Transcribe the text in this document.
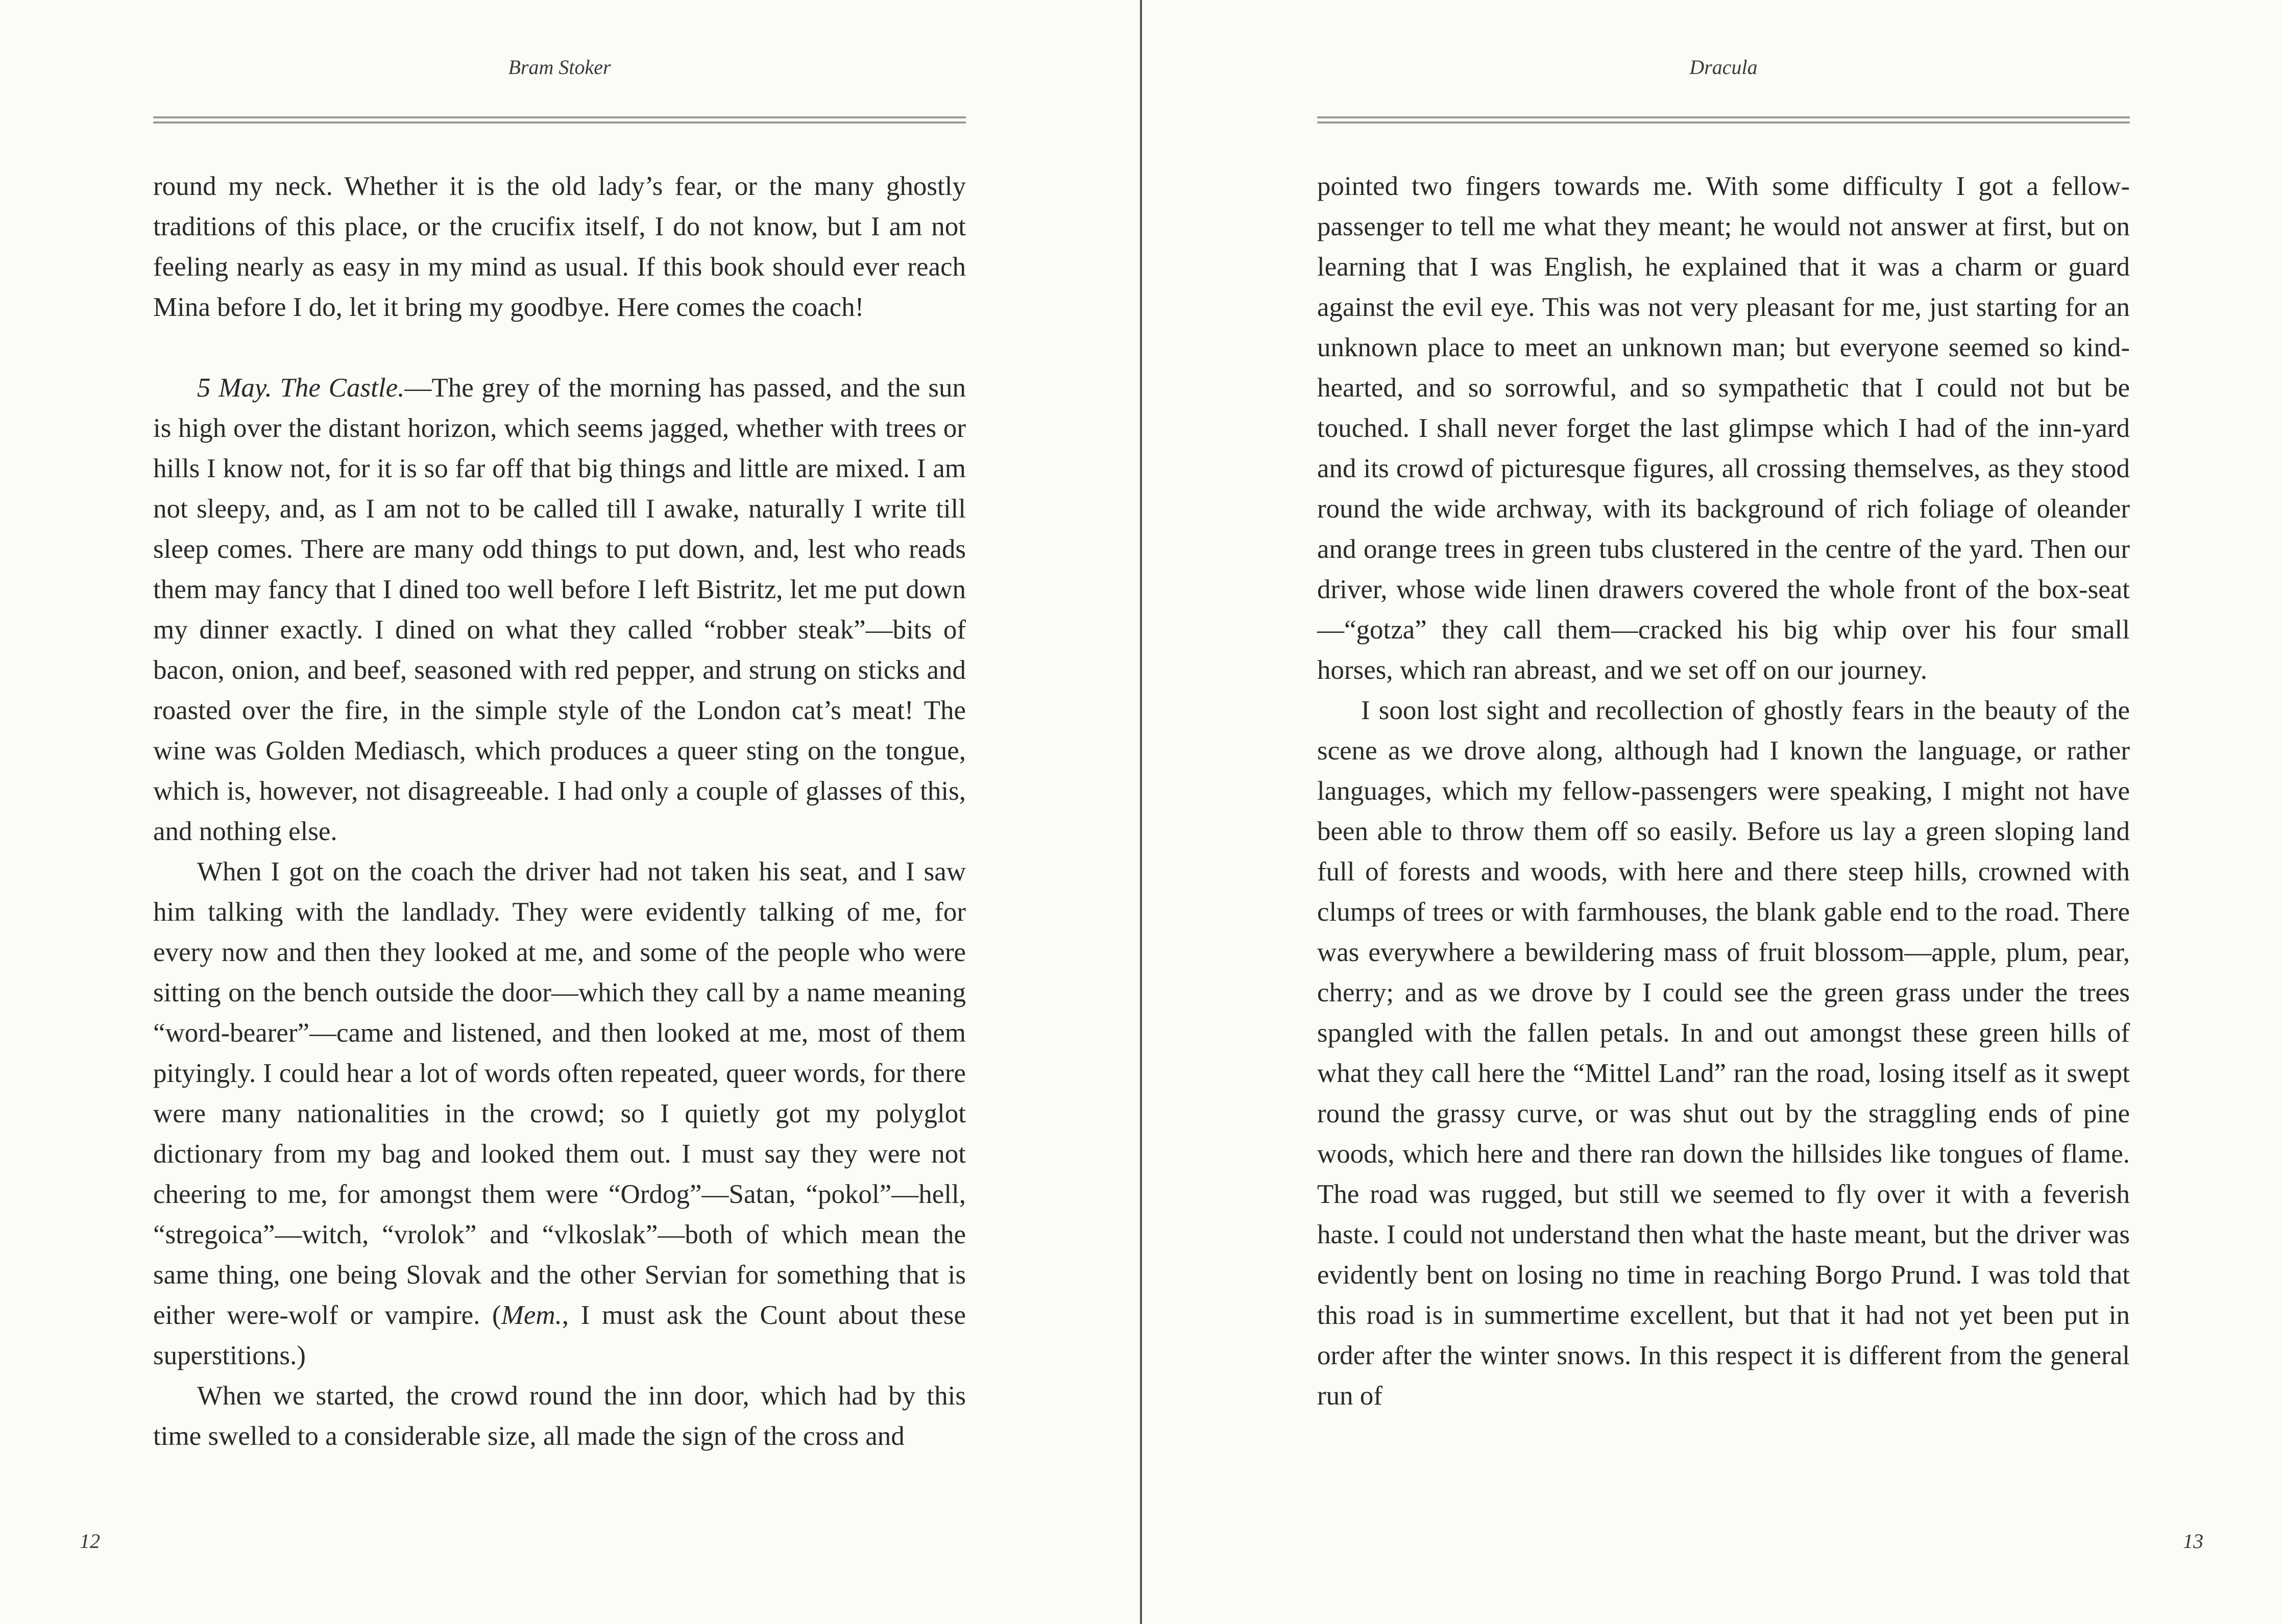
Bram Stoker

round my neck. Whether it is the old lady’s fear, or the many ghostly traditions of this place, or the crucifix itself, I do not know, but I am not feeling nearly as easy in my mind as usual. If this book should ever reach Mina before I do, let it bring my goodbye. Here comes the coach!

5 May. The Castle.—The grey of the morning has passed, and the sun is high over the distant horizon, which seems jagged, whether with trees or hills I know not, for it is so far off that big things and little are mixed. I am not sleepy, and, as I am not to be called till I awake, naturally I write till sleep comes. There are many odd things to put down, and, lest who reads them may fancy that I dined too well before I left Bistritz, let me put down my dinner exactly. I dined on what they called “robber steak”—bits of bacon, onion, and beef, seasoned with red pepper, and strung on sticks and roasted over the fire, in the simple style of the London cat’s meat! The wine was Golden Mediasch, which produces a queer sting on the tongue, which is, however, not disagreeable. I had only a couple of glasses of this, and nothing else.

When I got on the coach the driver had not taken his seat, and I saw him talking with the landlady. They were evidently talking of me, for every now and then they looked at me, and some of the people who were sitting on the bench outside the door—which they call by a name meaning “word-bearer”—came and listened, and then looked at me, most of them pityingly. I could hear a lot of words often repeated, queer words, for there were many nationalities in the crowd; so I quietly got my polyglot dictionary from my bag and looked them out. I must say they were not cheering to me, for amongst them were “Ordog”—Satan, “pokol”—hell, “stregoica”—witch, “vrolok” and “vlkoslak”—both of which mean the same thing, one being Slovak and the other Servian for something that is either were-wolf or vampire. (Mem., I must ask the Count about these superstitions.)

When we started, the crowd round the inn door, which had by this time swelled to a considerable size, all made the sign of the cross and

12
Dracula

pointed two fingers towards me. With some difficulty I got a fellow-passenger to tell me what they meant; he would not answer at first, but on learning that I was English, he explained that it was a charm or guard against the evil eye. This was not very pleasant for me, just starting for an unknown place to meet an unknown man; but everyone seemed so kind-hearted, and so sorrowful, and so sympathetic that I could not but be touched. I shall never forget the last glimpse which I had of the inn-yard and its crowd of picturesque figures, all crossing themselves, as they stood round the wide archway, with its background of rich foliage of oleander and orange trees in green tubs clustered in the centre of the yard. Then our driver, whose wide linen drawers covered the whole front of the box-seat—“gotza” they call them—cracked his big whip over his four small horses, which ran abreast, and we set off on our journey.

I soon lost sight and recollection of ghostly fears in the beauty of the scene as we drove along, although had I known the language, or rather languages, which my fellow-passengers were speaking, I might not have been able to throw them off so easily. Before us lay a green sloping land full of forests and woods, with here and there steep hills, crowned with clumps of trees or with farmhouses, the blank gable end to the road. There was everywhere a bewildering mass of fruit blossom—apple, plum, pear, cherry; and as we drove by I could see the green grass under the trees spangled with the fallen petals. In and out amongst these green hills of what they call here the “Mittel Land” ran the road, losing itself as it swept round the grassy curve, or was shut out by the straggling ends of pine woods, which here and there ran down the hillsides like tongues of flame. The road was rugged, but still we seemed to fly over it with a feverish haste. I could not understand then what the haste meant, but the driver was evidently bent on losing no time in reaching Borgo Prund. I was told that this road is in summertime excellent, but that it had not yet been put in order after the winter snows. In this respect it is different from the general run of

13
